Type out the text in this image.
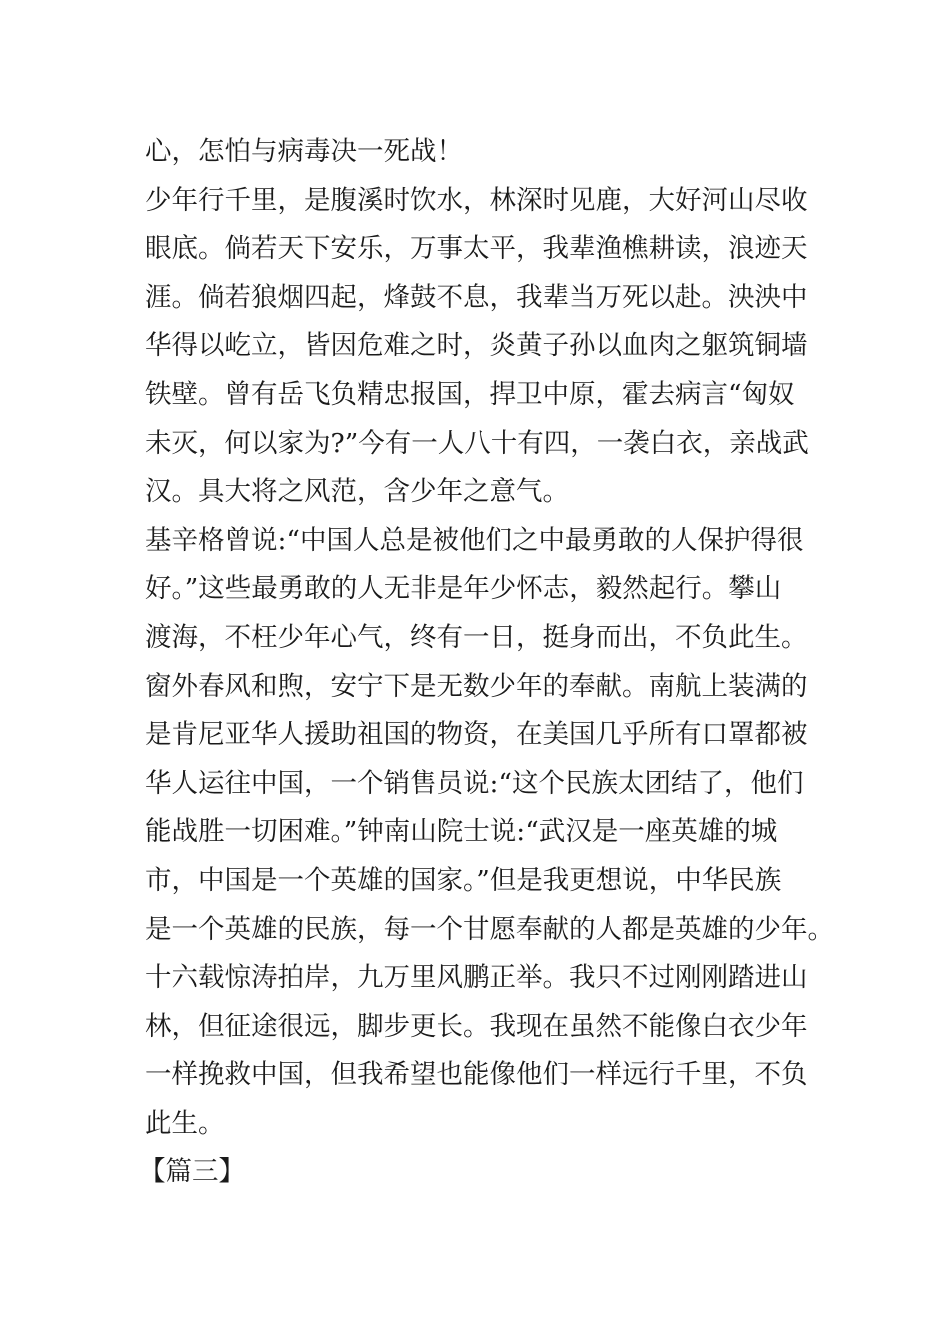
心，怎怕与病毒决一死战！
少年行千里，是腹溪时饮水，林深时见鹿，大好河山尽收
眼底。倘若天下安乐，万事太平，我辈渔樵耕读，浪迹天
涯。倘若狼烟四起，烽鼓不息，我辈当万死以赴。泱泱中
华得以屹立，皆因危难之时，炎黄子孙以血肉之躯筑铜墙
铁壁。曾有岳飞负精忠报国，捍卫中原，霍去病言“匈奴
未灭，何以家为?”今有一人八十有四，一袭白衣，亲战武
汉。具大将之风范，含少年之意气。
基辛格曾说:“中国人总是被他们之中最勇敢的人保护得很
好。”这些最勇敢的人无非是年少怀志，毅然起行。攀山
渡海，不枉少年心气，终有一日，挺身而出，不负此生。
窗外春风和煦，安宁下是无数少年的奉献。南航上装满的
是肯尼亚华人援助祖国的物资，在美国几乎所有口罩都被
华人运往中国，一个销售员说:“这个民族太团结了，他们
能战胜一切困难。”钟南山院士说:“武汉是一座英雄的城
市，中国是一个英雄的国家。”但是我更想说，中华民族
是一个英雄的民族，每一个甘愿奉献的人都是英雄的少年。
十六载惊涛拍岸，九万里风鹏正举。我只不过刚刚踏进山
林，但征途很远，脚步更长。我现在虽然不能像白衣少年
一样挽救中国，但我希望也能像他们一样远行千里，不负
此生。
【篇三】
